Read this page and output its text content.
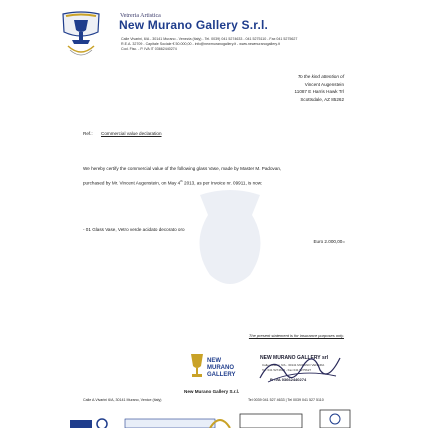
Vetreria Artistica
New Murano Gallery S.r.l.
Calle Vivarini, 6/A - 30141 Murano - Venezia (Italy) - Tel. 0039) 041 5274633 - 041 5275110 - Fax 041 5275627
R.E.A. 32709 - Capitale Sociale € 50.000,00 - info@newmuranogallery.it - www.newmuranogallery.it
Cod. Fisc. - P. IVA IT 03662440274
To the kind attention of
Vincent Augenstein
11087 E Harris Hawk Trl
Scottsdale, AZ 85262
Ref.: Commercial value declaration
We hereby certify the commercial value of the following glass Vase, made by Master M. Padovan,
purchased by Mr. Vincent Augenstein, on May 4th 2013, as per Invoice nr. 09911, is now:
- 01 Glass Vase, Vetro verde acidato decorato oro
Euro 2.000,00=
The present statement is for insurance purposes only.
NEW
MURANO
GALLERY
NEW MURANO GALLERY srl
Calle Vivarini, 6/A - 30141 MURANO VENEZIA
Tel. 041 5274633 - Fax 041 5275627
P. IVA 03662440274
New Murano Gallery S.r.l.
Calle A.Vivarini 6/A, 30141 Murano, Venice (Italy)	Tel 0039 041 527 4633 | Tel 0039 041 527 5110
